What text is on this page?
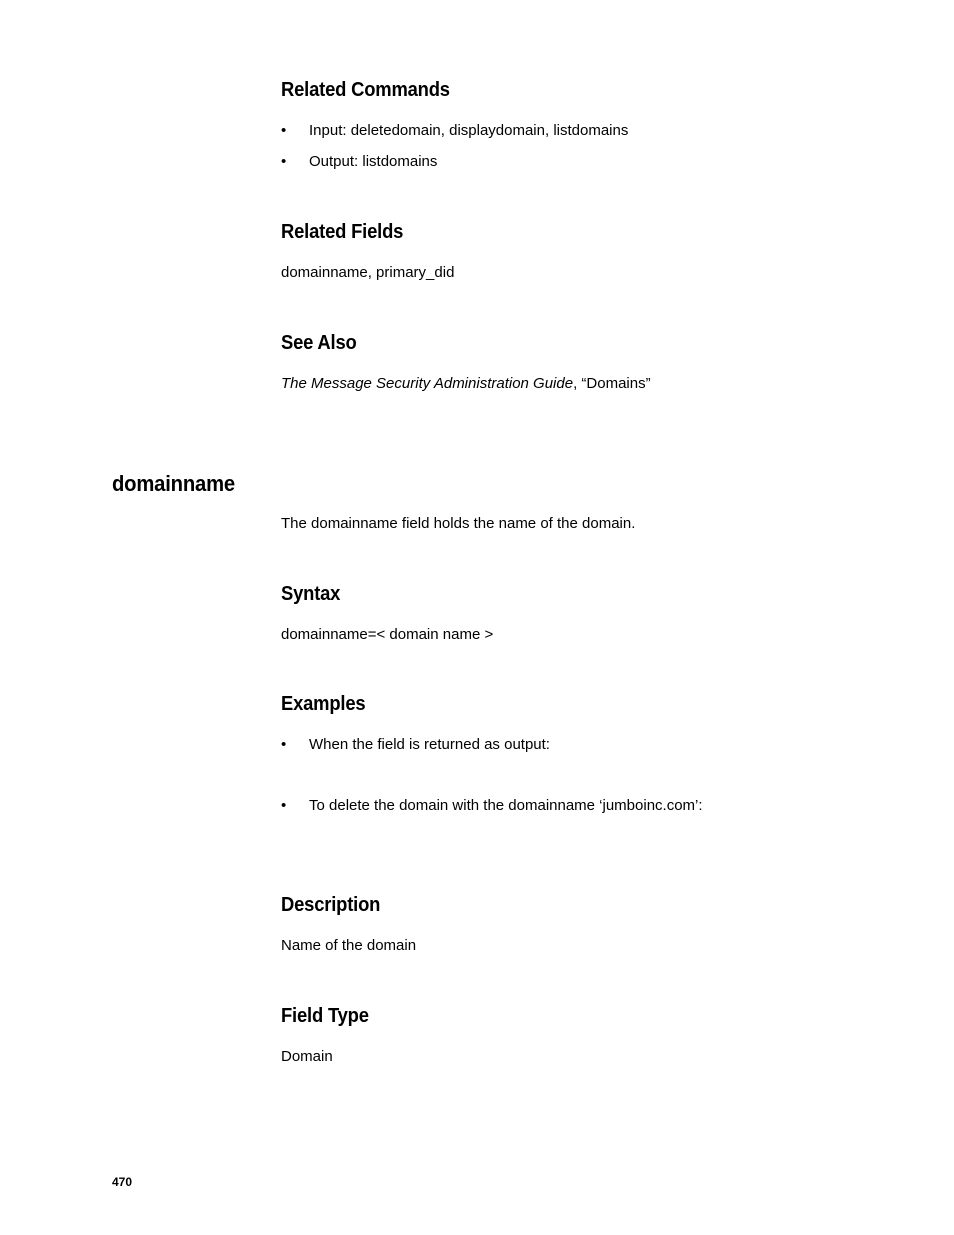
Related Commands
• Input: deletedomain, displaydomain, listdomains
• Output: listdomains
Related Fields
domainname, primary_did
See Also
The Message Security Administration Guide, “Domains”
domainname
The domainname field holds the name of the domain.
Syntax
domainname=< domain name >
Examples
• When the field is returned as output:
• To delete the domain with the domainname ‘jumboinc.com’:
Description
Name of the domain
Field Type
Domain
470
